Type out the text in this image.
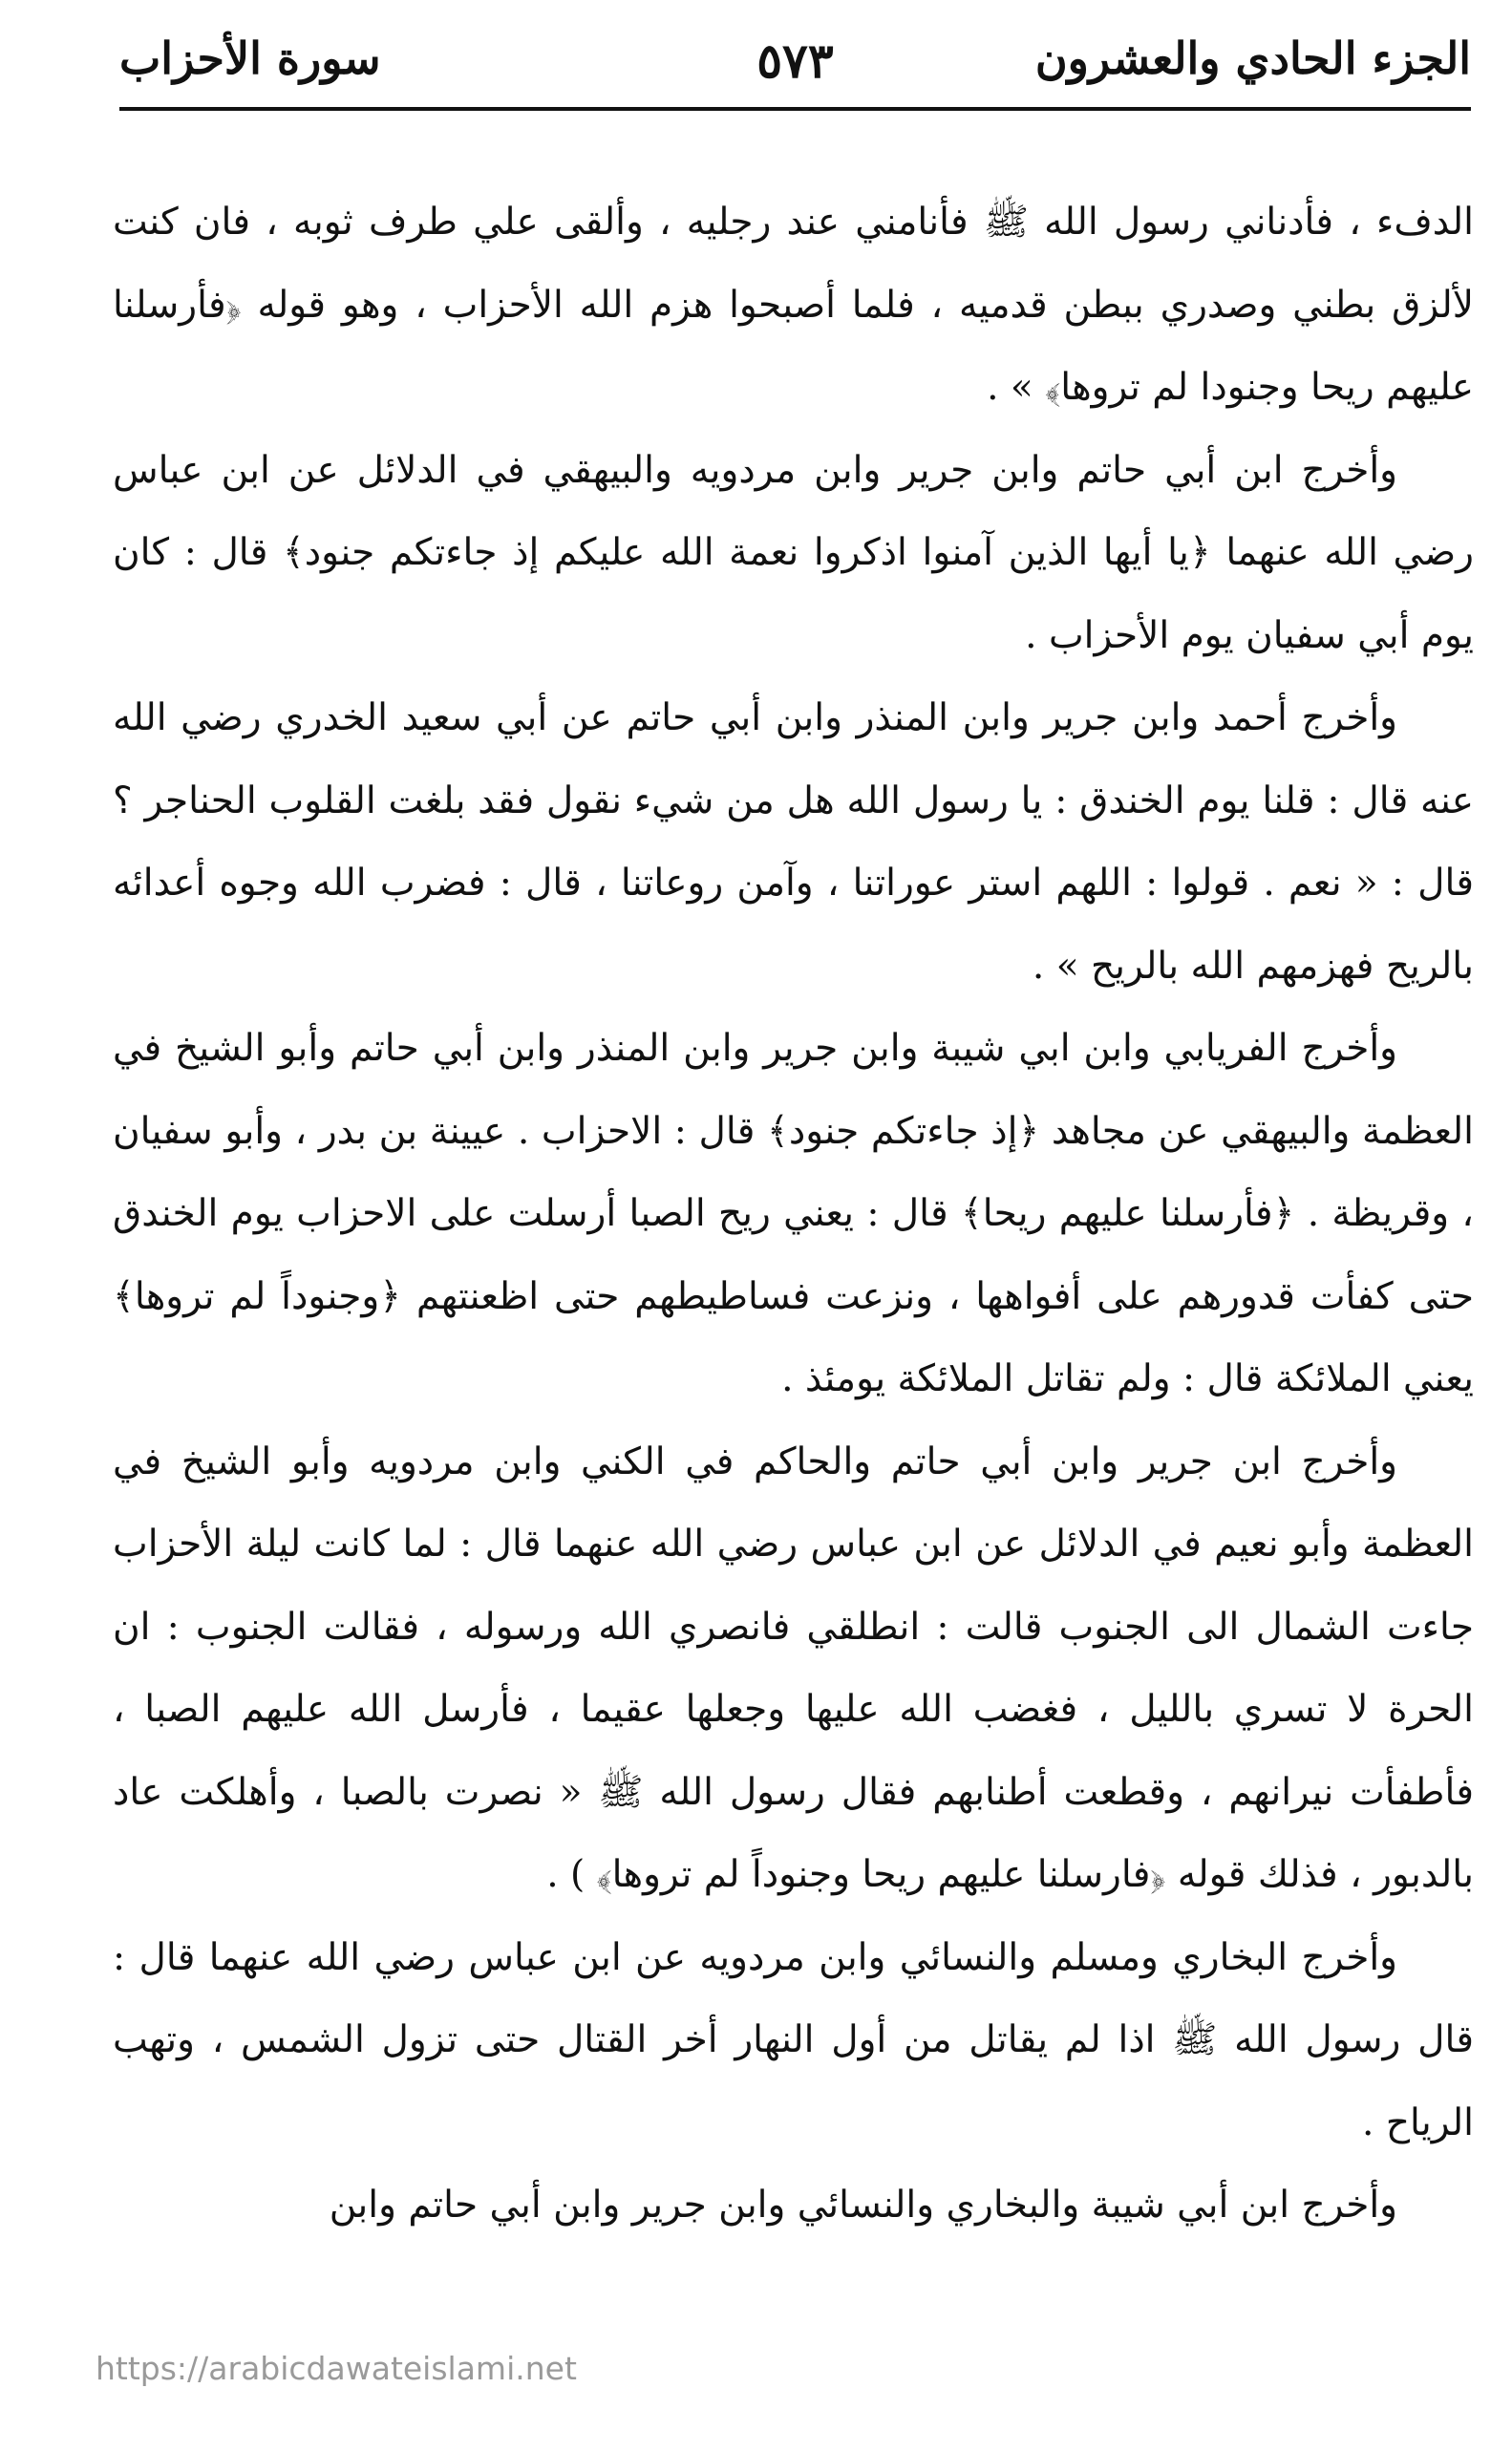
الجزء الحادي والعشرون
٥٧٣
سورة الأحزاب

الدفء ، فأدناني رسول الله ﷺ فأنامني عند رجليه ، وألقى علي طرف ثوبه ، فان كنت لألزق بطني وصدري ببطن قدميه ، فلما أصبحوا هزم الله الأحزاب ، وهو قوله ﴿فأرسلنا عليهم ريحا وجنودا لم تروها﴾ » .

وأخرج ابن أبي حاتم وابن جرير وابن مردويه والبيهقي في الدلائل عن ابن عباس رضي الله عنهما ﴿يا أيها الذين آمنوا اذكروا نعمة الله عليكم إذ جاءتكم جنود﴾ قال : كان يوم أبي سفيان يوم الأحزاب .

وأخرج أحمد وابن جرير وابن المنذر وابن أبي حاتم عن أبي سعيد الخدري رضي الله عنه قال : قلنا يوم الخندق : يا رسول الله هل من شيء نقول فقد بلغت القلوب الحناجر ؟ قال : « نعم . قولوا : اللهم استر عوراتنا ، وآمن روعاتنا ، قال : فضرب الله وجوه أعدائه بالريح فهزمهم الله بالريح » .

وأخرج الفريابي وابن ابي شيبة وابن جرير وابن المنذر وابن أبي حاتم وأبو الشيخ في العظمة والبيهقي عن مجاهد ﴿إذ جاءتكم جنود﴾ قال : الاحزاب . عيينة بن بدر ، وأبو سفيان ، وقريظة . ﴿فأرسلنا عليهم ريحا﴾ قال : يعني ريح الصبا أرسلت على الاحزاب يوم الخندق حتى كفأت قدورهم على أفواهها ، ونزعت فساطيطهم حتى اظعنتهم ﴿وجنوداً لم تروها﴾ يعني الملائكة قال : ولم تقاتل الملائكة يومئذ .

وأخرج ابن جرير وابن أبي حاتم والحاكم في الكني وابن مردويه وأبو الشيخ في العظمة وأبو نعيم في الدلائل عن ابن عباس رضي الله عنهما قال : لما كانت ليلة الأحزاب جاءت الشمال الى الجنوب قالت : انطلقي فانصري الله ورسوله ، فقالت الجنوب : ان الحرة لا تسري بالليل ، فغضب الله عليها وجعلها عقيما ، فأرسل الله عليهم الصبا ، فأطفأت نيرانهم ، وقطعت أطنابهم فقال رسول الله ﷺ « نصرت بالصبا ، وأهلكت عاد بالدبور ، فذلك قوله ﴿فارسلنا عليهم ريحا وجنوداً لم تروها﴾ ) .

وأخرج البخاري ومسلم والنسائي وابن مردويه عن ابن عباس رضي الله عنهما قال : قال رسول الله ﷺ اذا لم يقاتل من أول النهار أخر القتال حتى تزول الشمس ، وتهب الرياح .

وأخرج ابن أبي شيبة والبخاري والنسائي وابن جرير وابن أبي حاتم وابن

https://arabicdawateislami.net
